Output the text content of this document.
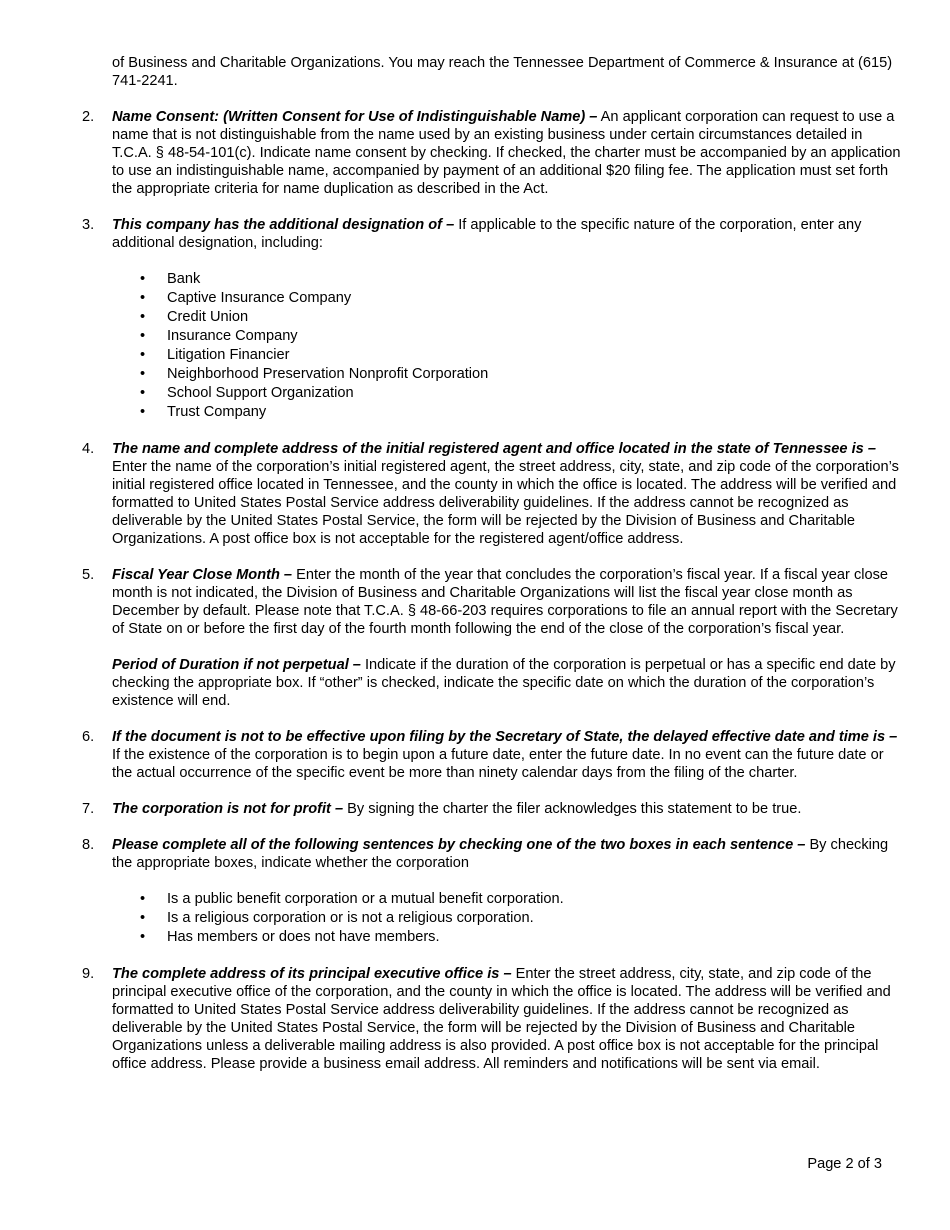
of Business and Charitable Organizations. You may reach the Tennessee Department of Commerce & Insurance at (615) 741-2241.

2.	Name Consent: (Written Consent for Use of Indistinguishable Name) – An applicant corporation can request to use a name that is not distinguishable from the name used by an existing business under certain circumstances detailed in T.C.A. § 48-54-101(c). Indicate name consent by checking. If checked, the charter must be accompanied by an application to use an indistinguishable name, accompanied by payment of an additional $20 filing fee. The application must set forth the appropriate criteria for name duplication as described in the Act.
3.	This company has the additional designation of – If applicable to the specific nature of the corporation, enter any additional designation, including:
• Bank
• Captive Insurance Company
• Credit Union
• Insurance Company
• Litigation Financier
• Neighborhood Preservation Nonprofit Corporation
• School Support Organization
• Trust Company
4.	The name and complete address of the initial registered agent and office located in the state of Tennessee is – Enter the name of the corporation’s initial registered agent, the street address, city, state, and zip code of the corporation’s initial registered office located in Tennessee, and the county in which the office is located. The address will be verified and formatted to United States Postal Service address deliverability guidelines. If the address cannot be recognized as deliverable by the United States Postal Service, the form will be rejected by the Division of Business and Charitable Organizations. A post office box is not acceptable for the registered agent/office address.
5.	Fiscal Year Close Month – Enter the month of the year that concludes the corporation’s fiscal year. If a fiscal year close month is not indicated, the Division of Business and Charitable Organizations will list the fiscal year close month as December by default. Please note that T.C.A. § 48-66-203 requires corporations to file an annual report with the Secretary of State on or before the first day of the fourth month following the end of the close of the corporation’s fiscal year.

Period of Duration if not perpetual – Indicate if the duration of the corporation is perpetual or has a specific end date by checking the appropriate box. If “other” is checked, indicate the specific date on which the duration of the corporation’s existence will end.

6.	If the document is not to be effective upon filing by the Secretary of State, the delayed effective date and time is – If the existence of the corporation is to begin upon a future date, enter the future date. In no event can the future date or the actual occurrence of the specific event be more than ninety calendar days from the filing of the charter.
7.	The corporation is not for profit – By signing the charter the filer acknowledges this statement to be true.
8.	Please complete all of the following sentences by checking one of the two boxes in each sentence – By checking the appropriate boxes, indicate whether the corporation
• Is a public benefit corporation or a mutual benefit corporation.
• Is a religious corporation or is not a religious corporation.
• Has members or does not have members.
9.	The complete address of its principal executive office is – Enter the street address, city, state, and zip code of the principal executive office of the corporation, and the county in which the office is located. The address will be verified and formatted to United States Postal Service address deliverability guidelines. If the address cannot be recognized as deliverable by the United States Postal Service, the form will be rejected by the Division of Business and Charitable Organizations unless a deliverable mailing address is also provided. A post office box is not acceptable for the principal office address. Please provide a business email address. All reminders and notifications will be sent via email.
Page 2 of 3
